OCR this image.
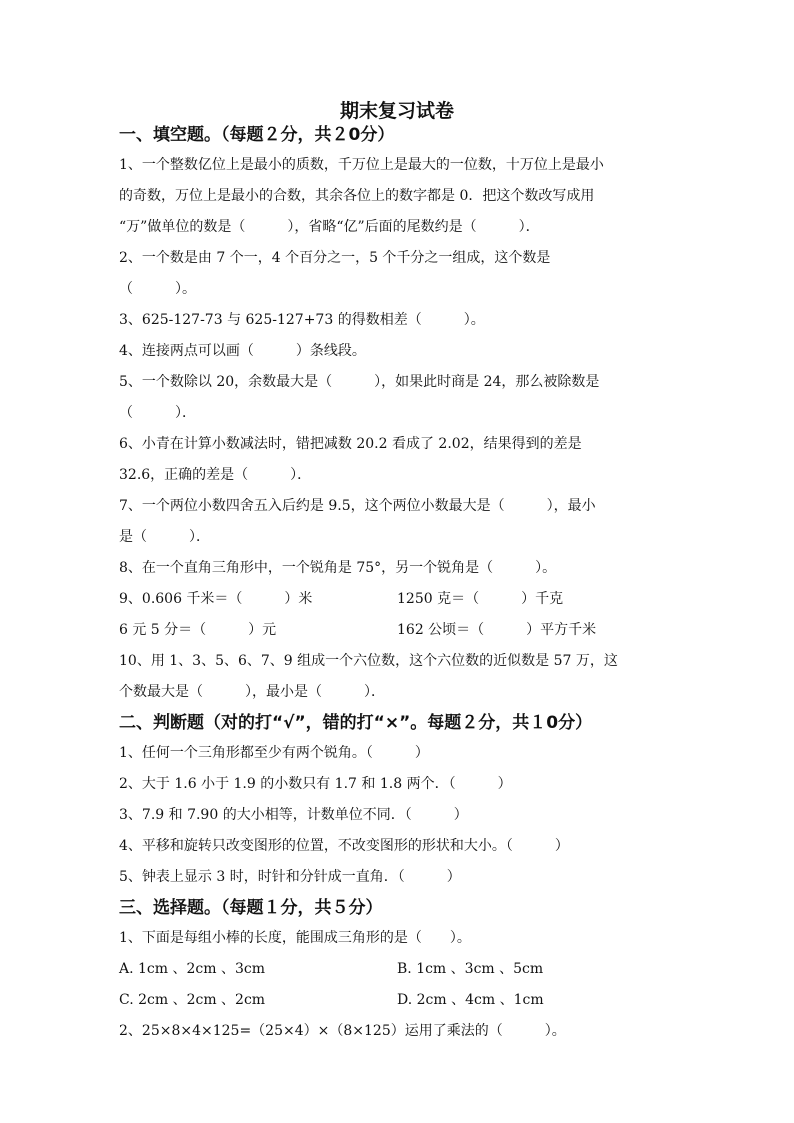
期末复习试卷
一、填空题。（每题２分，共２0分）
1、一个整数亿位上是最小的质数，千万位上是最大的一位数，十万位上是最小
的奇数，万位上是最小的合数，其余各位上的数字都是 0．把这个数改写成用
“万”做单位的数是（　　　），省略“亿”后面的尾数约是（　　　）．
2、一个数是由 7 个一，4 个百分之一，5 个千分之一组成，这个数是
（　　　）。
3、625-127-73 与 625-127+73 的得数相差（　　　）。
4、连接两点可以画（　　　）条线段。
5、一个数除以 20，余数最大是（　　　），如果此时商是 24，那么被除数是
（　　　）．
6、小青在计算小数减法时，错把减数 20.2 看成了 2.02，结果得到的差是
32.6，正确的差是（　　　）．
7、一个两位小数四舍五入后约是 9.5，这个两位小数最大是（　　　），最小
是（　　　）．
8、在一个直角三角形中，一个锐角是 75°，另一个锐角是（　　　）。
9、0.606 千米＝（　　　）米	1250 克＝（　　　）千克
6 元 5 分＝（　　　）元	162 公顷＝（　　　）平方千米
10、用 1、3、5、6、7、9 组成一个六位数，这个六位数的近似数是 57 万，这
个数最大是（　　　），最小是（　　　）．
二、判断题（对的打“√”，错的打“×”。每题２分，共１0分）
1、任何一个三角形都至少有两个锐角。（　　　）
2、大于 1.6 小于 1.9 的小数只有 1.7 和 1.8 两个．（　　　）
3、7.9 和 7.90 的大小相等，计数单位不同．（　　　）
4、平移和旋转只改变图形的位置，不改变图形的形状和大小。（　　　）
5、钟表上显示 3 时，时针和分针成一直角．（　　　）
三、选择题。（每题１分，共５分）
1、下面是每组小棒的长度，能围成三角形的是（　　）。
A. 1cm 、2cm 、3cm	B. 1cm 、3cm 、5cm
C. 2cm 、2cm 、2cm	D. 2cm 、4cm 、1cm
2、25×8×4×125=（25×4）×（8×125）运用了乘法的（　　　）。
